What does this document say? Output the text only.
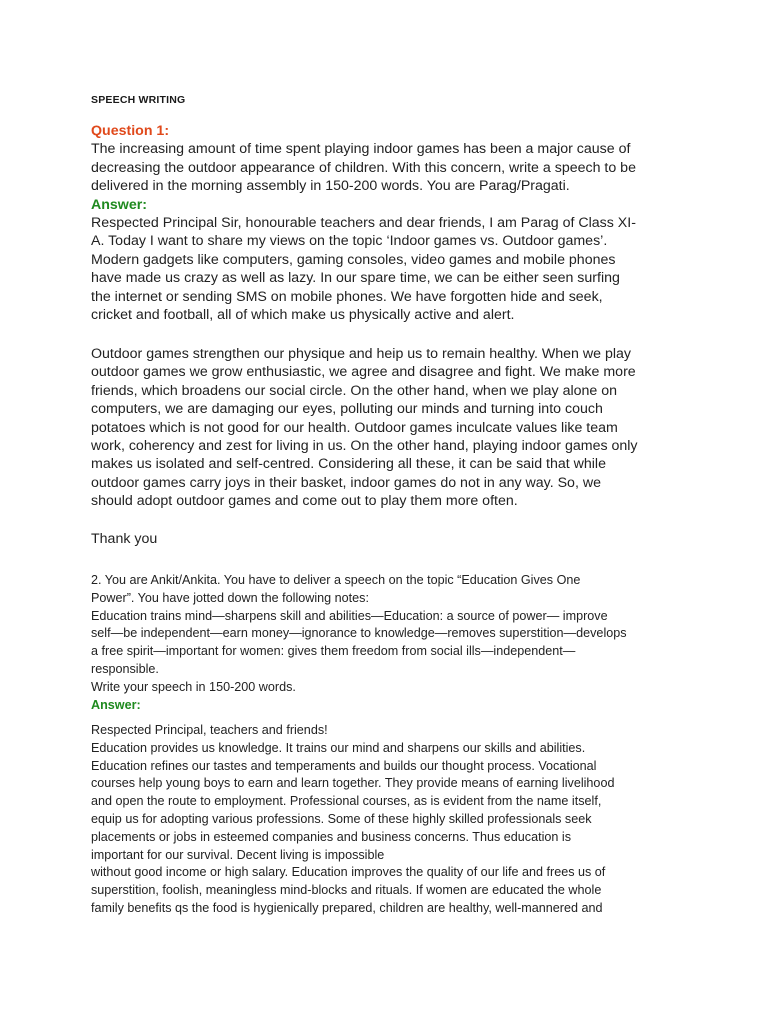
SPEECH WRITING
Question 1:
The increasing amount of time spent playing indoor games has been a major cause of
decreasing the outdoor appearance of children. With this concern, write a speech to be
delivered in the morning assembly in 150-200 words. You are Parag/Pragati.
Answer:
Respected Principal Sir, honourable teachers and dear friends, I am Parag of Class XI-
A. Today I want to share my views on the topic ‘Indoor games vs. Outdoor games’.
Modern gadgets like computers, gaming consoles, video games and mobile phones
have made us crazy as well as lazy. In our spare time, we can be either seen surfing
the internet or sending SMS on mobile phones. We have forgotten hide and seek,
cricket and football, all of which make us physically active and alert.
Outdoor games strengthen our physique and heip us to remain healthy. When we play
outdoor games we grow enthusiastic, we agree and disagree and fight. We make more
friends, which broadens our social circle. On the other hand, when we play alone on
computers, we are damaging our eyes, polluting our minds and turning into couch
potatoes which is not good for our health. Outdoor games inculcate values like team
work, coherency and zest for living in us. On the other hand, playing indoor games only
makes us isolated and self-centred. Considering all these, it can be said that while
outdoor games carry joys in their basket, indoor games do not in any way. So, we
should adopt outdoor games and come out to play them more often.
Thank you
2. You are Ankit/Ankita. You have to deliver a speech on the topic “Education Gives One
Power”. You have jotted down the following notes:
Education trains mind—sharpens skill and abilities—Education: a source of power— improve
self—be independent—earn money—ignorance to knowledge—removes superstition—develops
a free spirit—important for women: gives them freedom from social ills—independent—
responsible.
Write your speech in 150-200 words.
Answer:
Respected Principal, teachers and friends!
Education provides us knowledge. It trains our mind and sharpens our skills and abilities.
Education refines our tastes and temperaments and builds our thought process. Vocational
courses help young boys to earn and learn together. They provide means of earning livelihood
and open the route to employment. Professional courses, as is evident from the name itself,
equip us for adopting various professions. Some of these highly skilled professionals seek
placements or jobs in esteemed companies and business concerns. Thus education is
important for our survival. Decent living is impossible
without good income or high salary. Education improves the quality of our life and frees us of
superstition, foolish, meaningless mind-blocks and rituals. If women are educated the whole
family benefits qs the food is hygienically prepared, children are healthy, well-mannered and
